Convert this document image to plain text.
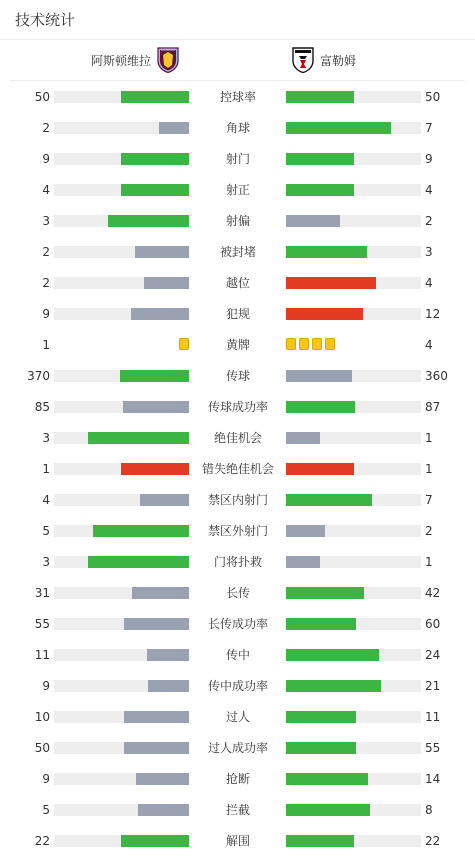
技术统计
阿斯顿维拉	富勒姆
50	控球率	50
2	角球	7
9	射门	9
4	射正	4
3	射偏	2
2	被封堵	3
2	越位	4
9	犯规	12
1	黄牌	4
370	传球	360
85	传球成功率	87
3	绝佳机会	1
1	错失绝佳机会	1
4	禁区内射门	7
5	禁区外射门	2
3	门将扑救	1
31	长传	42
55	长传成功率	60
11	传中	24
9	传中成功率	21
10	过人	11
50	过人成功率	55
9	抢断	14
5	拦截	8
22	解围	22
